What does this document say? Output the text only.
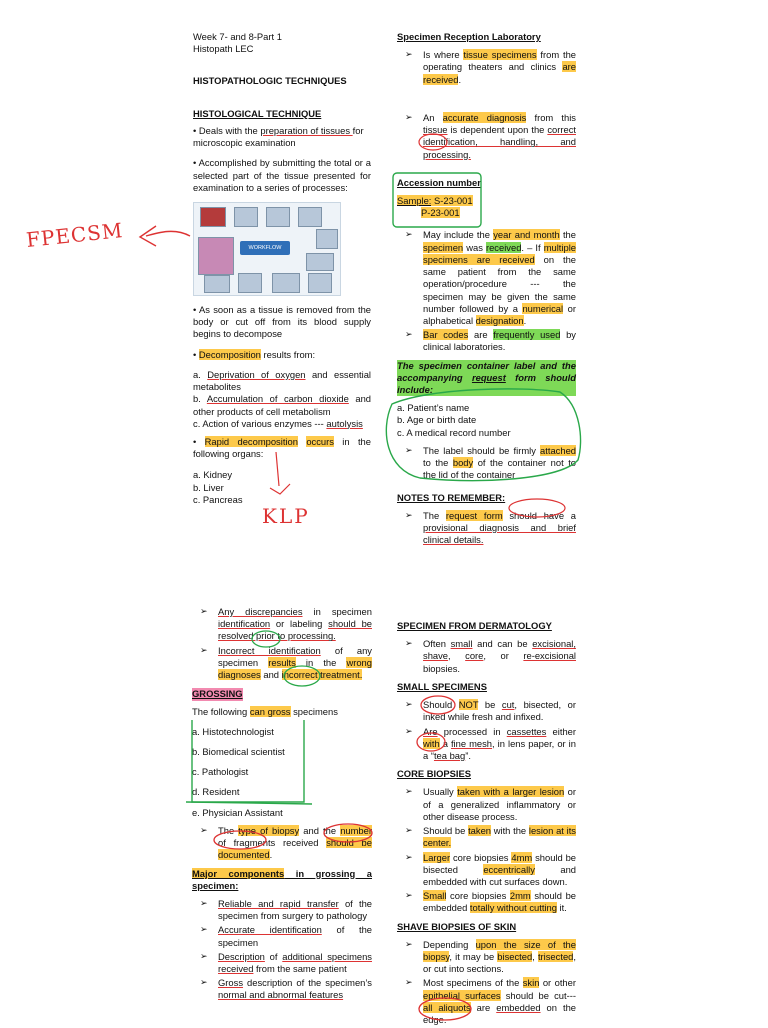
Week 7- and 8-Part 1

Histopath LEC

HISTOPATHOLOGIC TECHNIQUES

HISTOLOGICAL TECHNIQUE

• Deals with the preparation of tissues for microscopic examination

• Accomplished by submitting the total or a selected part of the tissue presented for examination to a series of processes:

WORKFLOW

• As soon as a tissue is removed from the body or cut off from its blood supply begins to decompose

• Decomposition results from:

a. Deprivation of oxygen and essential metabolites

b. Accumulation of carbon dioxide and other products of cell metabolism

c. Action of various enzymes --- autolysis

• Rapid decomposition occurs in the following organs:

a. Kidney

b. Liver

c. Pancreas

FPECSM
KLP

Specimen Reception Laboratory

➢ Is where tissue specimens from the operating theaters and clinics are received.
➢ An accurate diagnosis from this tissue is dependent upon the correct identification, handling, and processing.

Accession number

Sample: S-23-001

P-23-001

➢ May include the year and month the specimen was received. – If multiple specimens are received on the same patient from the same operation/procedure --- the specimen may be given the same number followed by a numerical or alphabetical designation.
➢ Bar codes are frequently used by clinical laboratories.

The specimen container label and the accompanying request form should include:

a. Patient’s name

b. Age or birth date

c. A medical record number

➢ The label should be firmly attached to the body of the container not to the lid of the container

NOTES TO REMEMBER:

➢ The request form should have a provisional diagnosis and brief clinical details.
➢ Any discrepancies in specimen identification or labeling should be resolved prior to processing.
➢ Incorrect identification of any specimen results in the wrong diagnoses and incorrect treatment.

GROSSING

The following can gross specimens

a. Histotechnologist

b. Biomedical scientist

c. Pathologist

d. Resident

e. Physician Assistant

➢ The type of biopsy and the number of fragments received should be documented.

Major components in grossing a specimen:

➢ Reliable and rapid transfer of the specimen from surgery to pathology
➢ Accurate identification of the specimen
➢ Description of additional specimens received from the same patient
➢ Gross description of the specimen’s normal and abnormal features

SPECIMEN FROM DERMATOLOGY

➢ Often small and can be excisional, shave, core, or re-excisional biopsies.

SMALL SPECIMENS

➢ Should NOT be cut, bisected, or inked while fresh and infixed.
➢ Are processed in cassettes either with a fine mesh, in lens paper, or in a “tea bag”.

CORE BIOPSIES

➢ Usually taken with a larger lesion or of a generalized inflammatory or other disease process.
➢ Should be taken with the lesion at its center.
➢ Larger core biopsies 4mm should be bisected eccentrically and embedded with cut surfaces down.
➢ Small core biopsies 2mm should be embedded totally without cutting it.

SHAVE BIOPSIES OF SKIN

➢ Depending upon the size of the biopsy, it may be bisected, trisected, or cut into sections.
➢ Most specimens of the skin or other epithelial surfaces should be cut--- all aliquots are embedded on the edge.
